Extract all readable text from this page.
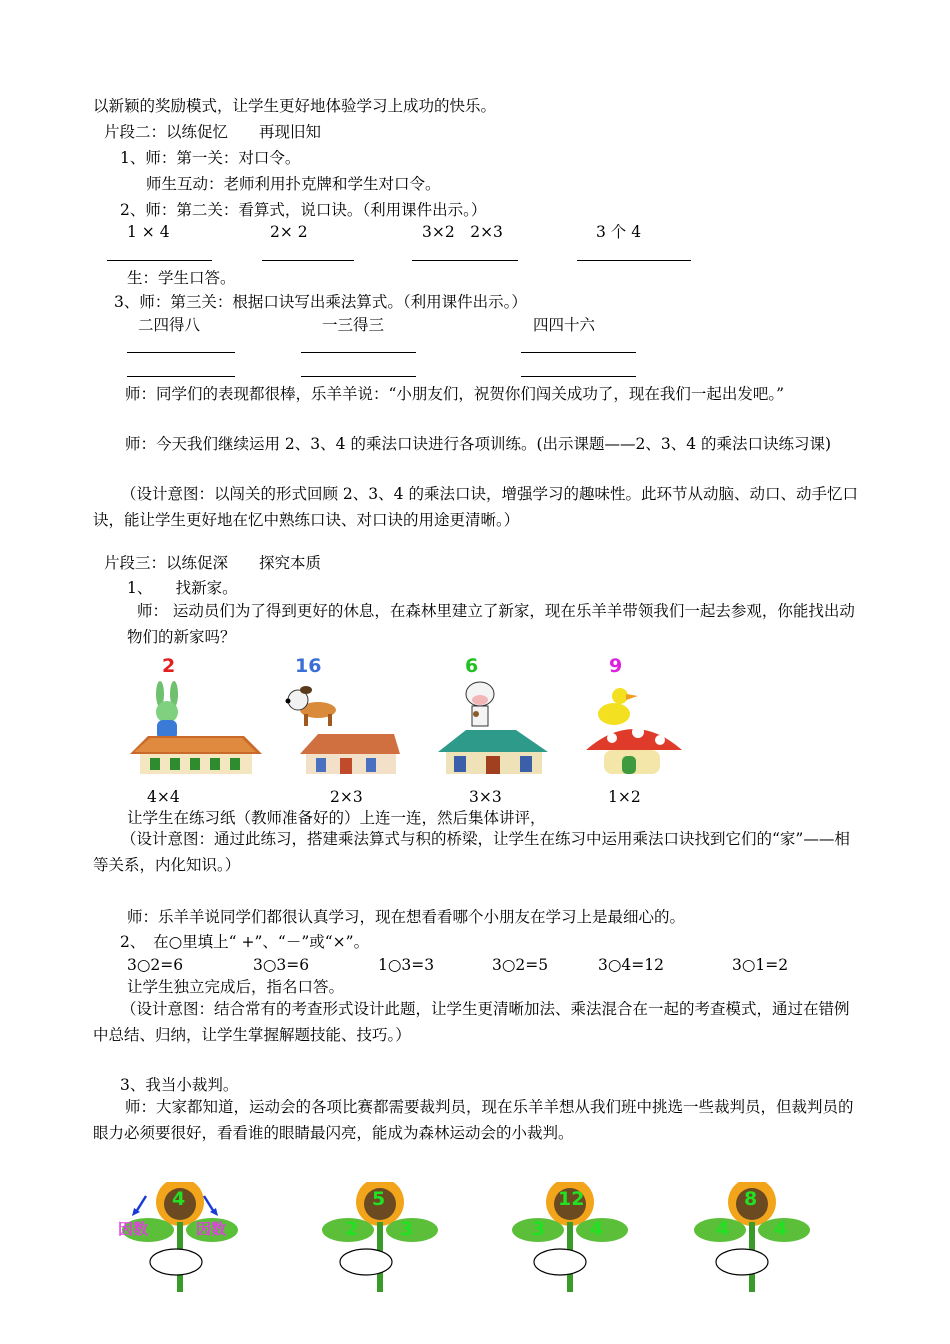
以新颖的奖励模式，让学生更好地体验学习上成功的快乐。
片段二：以练促忆　　再现旧知
1、师：第一关：对口令。
师生互动：老师利用扑克牌和学生对口令。
2、师：第二关：看算式，说口诀。（利用课件出示。）
1 × 4	2× 2	3×2　2×3	3 个 4
生：学生口答。
3、师：第三关：根据口诀写出乘法算式。（利用课件出示。）
二四得八	一三得三	四四十六
师：同学们的表现都很棒，乐羊羊说：“小朋友们，祝贺你们闯关成功了，现在我们一起出发吧。”
师：今天我们继续运用 2、3、4 的乘法口诀进行各项训练。(出示课题——2、3、4 的乘法口诀练习课)
（设计意图：以闯关的形式回顾 2、3、4 的乘法口诀，增强学习的趣味性。此环节从动脑、动口、动手忆口诀，能让学生更好地在忆中熟练口诀、对口诀的用途更清晰。）
片段三：以练促深　　探究本质
1、　　找新家。
师： 运动员们为了得到更好的休息，在森林里建立了新家，现在乐羊羊带领我们一起去参观，你能找出动物们的新家吗？
2	16	6	9
4×4	2×3	3×3	1×2
让学生在练习纸（教师准备好的）上连一连，然后集体讲评，
（设计意图：通过此练习，搭建乘法算式与积的桥梁，让学生在练习中运用乘法口诀找到它们的“家”——相等关系，内化知识。）
师：乐羊羊说同学们都很认真学习，现在想看看哪个小朋友在学习上是最细心的。
2、　在○里填上“ +”、“－”或“×”。
3○2=6	3○3=6	1○3=3	3○2=5	3○4=12	3○1=2
让学生独立完成后，指名口答。
（设计意图：结合常有的考查形式设计此题，让学生更清晰加法、乘法混合在一起的考查模式，通过在错例中总结、归纳，让学生掌握解题技能、技巧。）
3、我当小裁判。
师：大家都知道，运动会的各项比赛都需要裁判员，现在乐羊羊想从我们班中挑选一些裁判员，但裁判员的眼力必须要很好，看看谁的眼睛最闪亮，能成为森林运动会的小裁判。
4
因数	因数
5
2 3
12
3 4
8
4 4
